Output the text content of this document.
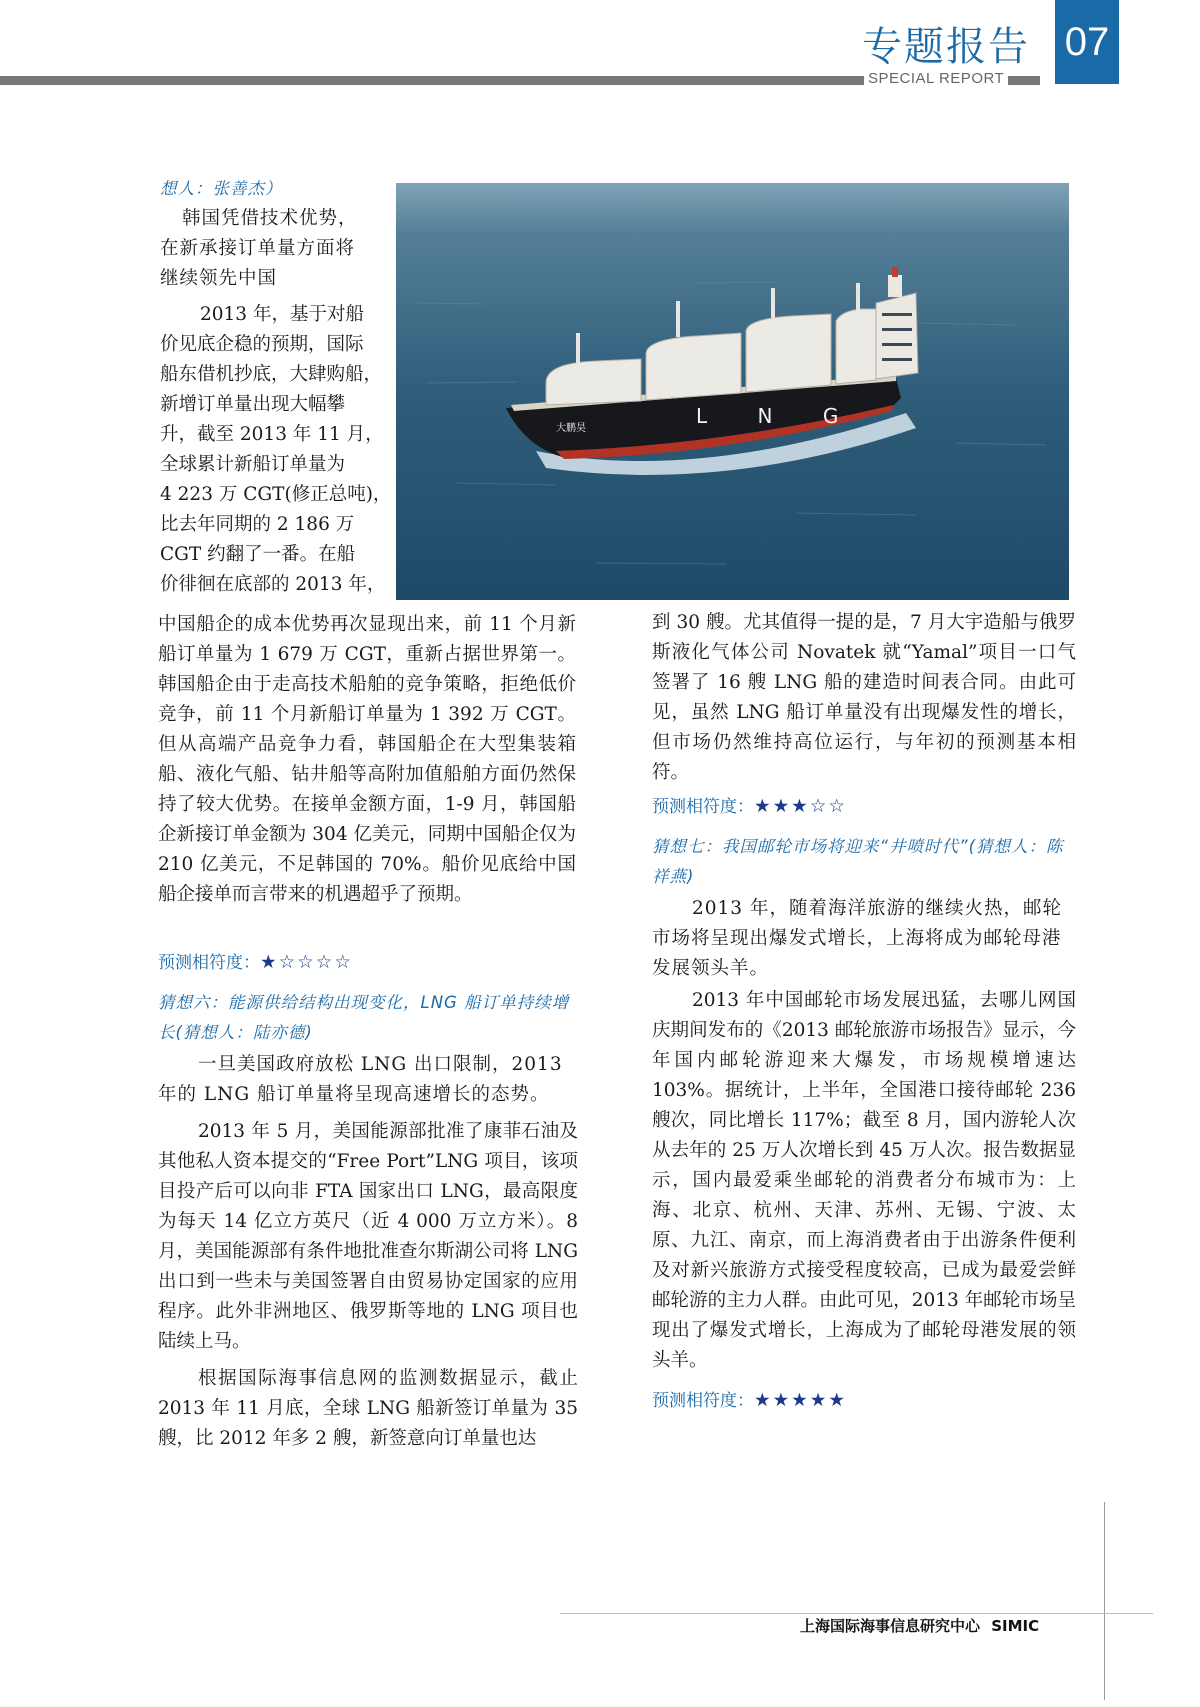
专题报告
SPECIAL REPORT
07
L N G
大鹏昊

想人：张善杰）

韩国凭借技术优势，

在新承接订单量方面将

继续领先中国

2013 年，基于对船

价见底企稳的预期，国际

船东借机抄底，大肆购船，

新增订单量出现大幅攀

升，截至 2013 年 11 月，

全球累计新船订单量为

4 223 万 CGT(修正总吨)，

比去年同期的 2 186 万

CGT 约翻了一番。在船

价徘徊在底部的 2013 年，

中国船企的成本优势再次显现出来，前 11 个月新船订单量为 1 679 万 CGT，重新占据世界第一。韩国船企由于走高技术船舶的竞争策略，拒绝低价竞争，前 11 个月新船订单量为 1 392 万 CGT。但从高端产品竞争力看，韩国船企在大型集装箱船、液化气船、钻井船等高附加值船舶方面仍然保持了较大优势。在接单金额方面，1-9 月，韩国船企新接订单金额为 304 亿美元，同期中国船企仅为 210 亿美元，不足韩国的 70%。船价见底给中国船企接单而言带来的机遇超乎了预期。

预测相符度：★☆☆☆☆

猜想六：能源供给结构出现变化，LNG 船订单持续增长(猜想人：陆亦德)

一旦美国政府放松 LNG 出口限制，2013 年的 LNG 船订单量将呈现高速增长的态势。

2013 年 5 月，美国能源部批准了康菲石油及其他私人资本提交的“Free Port”LNG 项目，该项目投产后可以向非 FTA 国家出口 LNG，最高限度为每天 14 亿立方英尺（近 4 000 万立方米）。8 月，美国能源部有条件地批准查尔斯湖公司将 LNG 出口到一些未与美国签署自由贸易协定国家的应用程序。此外非洲地区、俄罗斯等地的 LNG 项目也陆续上马。

根据国际海事信息网的监测数据显示，截止 2013 年 11 月底，全球 LNG 船新签订单量为 35 艘，比 2012 年多 2 艘，新签意向订单量也达

到 30 艘。尤其值得一提的是，7 月大宇造船与俄罗斯液化气体公司 Novatek 就“Yamal”项目一口气签署了 16 艘 LNG 船的建造时间表合同。由此可见，虽然 LNG 船订单量没有出现爆发性的增长，但市场仍然维持高位运行，与年初的预测基本相符。

预测相符度：★★★☆☆

猜想七：我国邮轮市场将迎来“井喷时代”(猜想人：陈祥燕)

2013 年，随着海洋旅游的继续火热，邮轮市场将呈现出爆发式增长，上海将成为邮轮母港发展领头羊。

2013 年中国邮轮市场发展迅猛，去哪儿网国庆期间发布的《2013 邮轮旅游市场报告》显示，今年国内邮轮游迎来大爆发，市场规模增速达 103%。据统计，上半年，全国港口接待邮轮 236 艘次，同比增长 117%；截至 8 月，国内游轮人次从去年的 25 万人次增长到 45 万人次。报告数据显示，国内最爱乘坐邮轮的消费者分布城市为：上海、北京、杭州、天津、苏州、无锡、宁波、太原、九江、南京，而上海消费者由于出游条件便利及对新兴旅游方式接受程度较高，已成为最爱尝鲜邮轮游的主力人群。由此可见，2013 年邮轮市场呈现出了爆发式增长，上海成为了邮轮母港发展的领头羊。

预测相符度：★★★★★

上海国际海事信息研究中心 SIMIC
